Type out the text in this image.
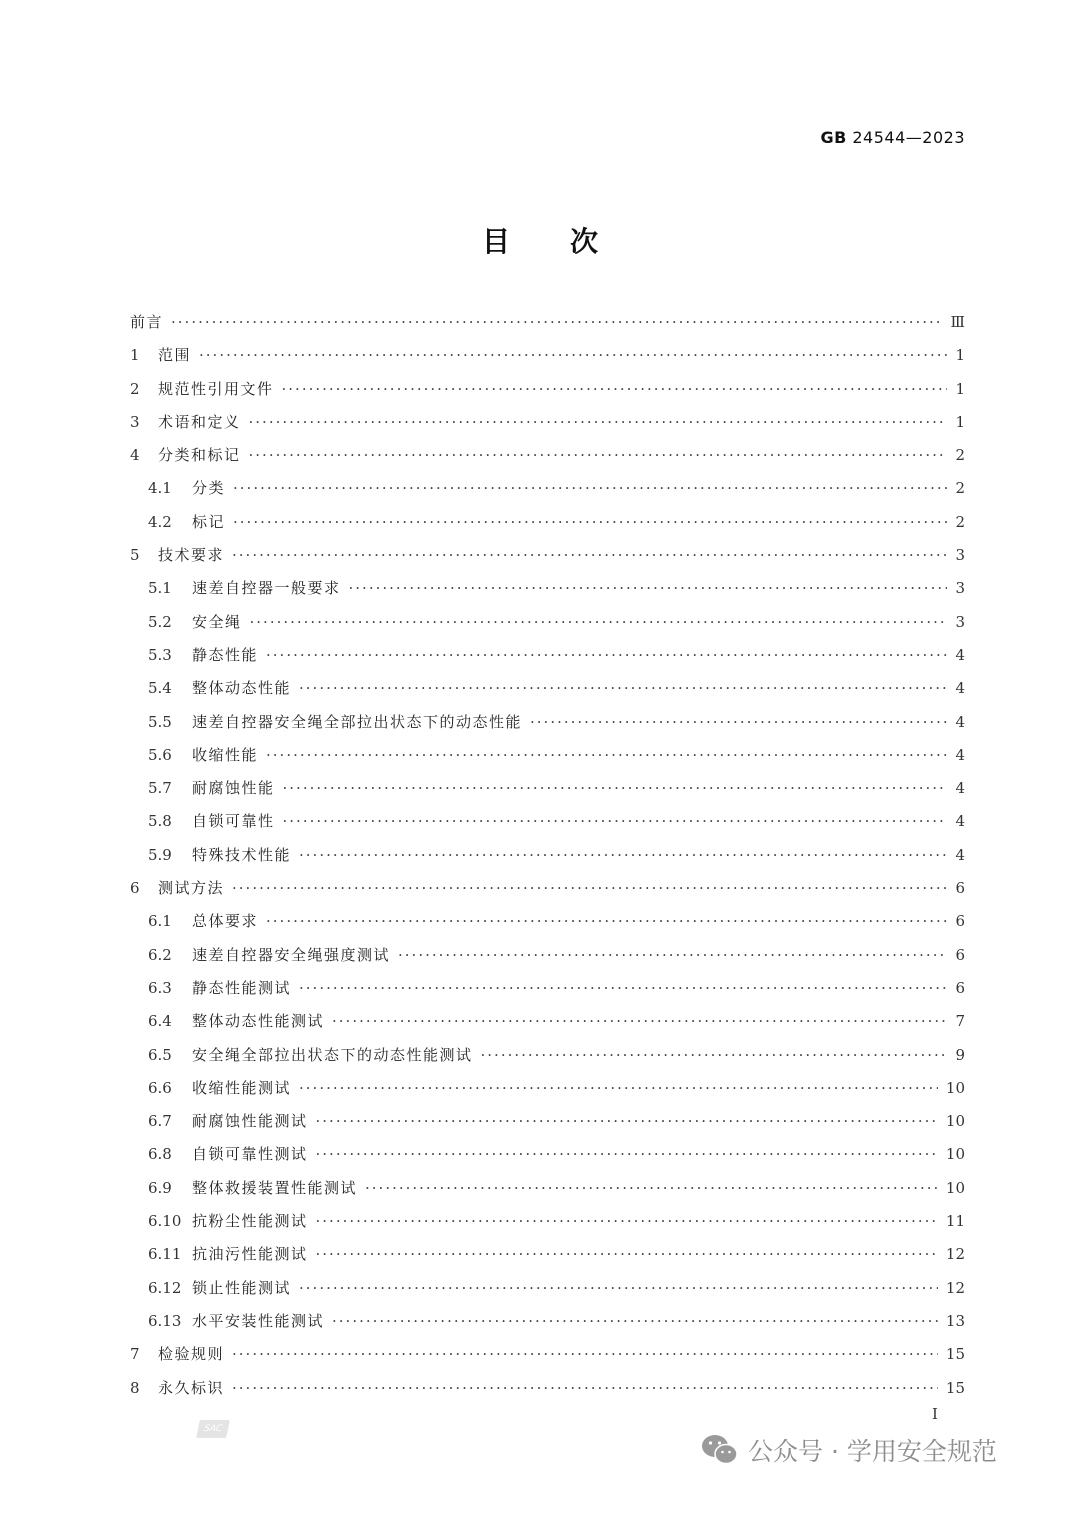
GB 24544—2023
目次
前言 ·····	Ⅲ
1	范围 ·····	1
2	规范性引用文件 ·····	1
3	术语和定义 ·····	1
4	分类和标记 ·····	2
4.1	分类 ·····	2
4.2	标记 ·····	2
5	技术要求 ·····	3
5.1	速差自控器一般要求 ·····	3
5.2	安全绳 ·····	3
5.3	静态性能 ·····	4
5.4	整体动态性能 ·····	4
5.5	速差自控器安全绳全部拉出状态下的动态性能 ·····	4
5.6	收缩性能 ·····	4
5.7	耐腐蚀性能 ·····	4
5.8	自锁可靠性 ·····	4
5.9	特殊技术性能 ·····	4
6	测试方法 ·····	6
6.1	总体要求 ·····	6
6.2	速差自控器安全绳强度测试 ·····	6
6.3	静态性能测试 ·····	6
6.4	整体动态性能测试 ·····	7
6.5	安全绳全部拉出状态下的动态性能测试 ·····	9
6.6	收缩性能测试 ·····	10
6.7	耐腐蚀性能测试 ·····	10
6.8	自锁可靠性测试 ·····	10
6.9	整体救援装置性能测试 ·····	10
6.10 抗粉尘性能测试 ·····	11
6.11 抗油污性能测试 ·····	12
6.12 锁止性能测试 ·····	12
6.13 水平安装性能测试 ·····	13
7	检验规则 ·····	15
8	永久标识 ·····	15
I
SAC
公众号 · 学用安全规范
